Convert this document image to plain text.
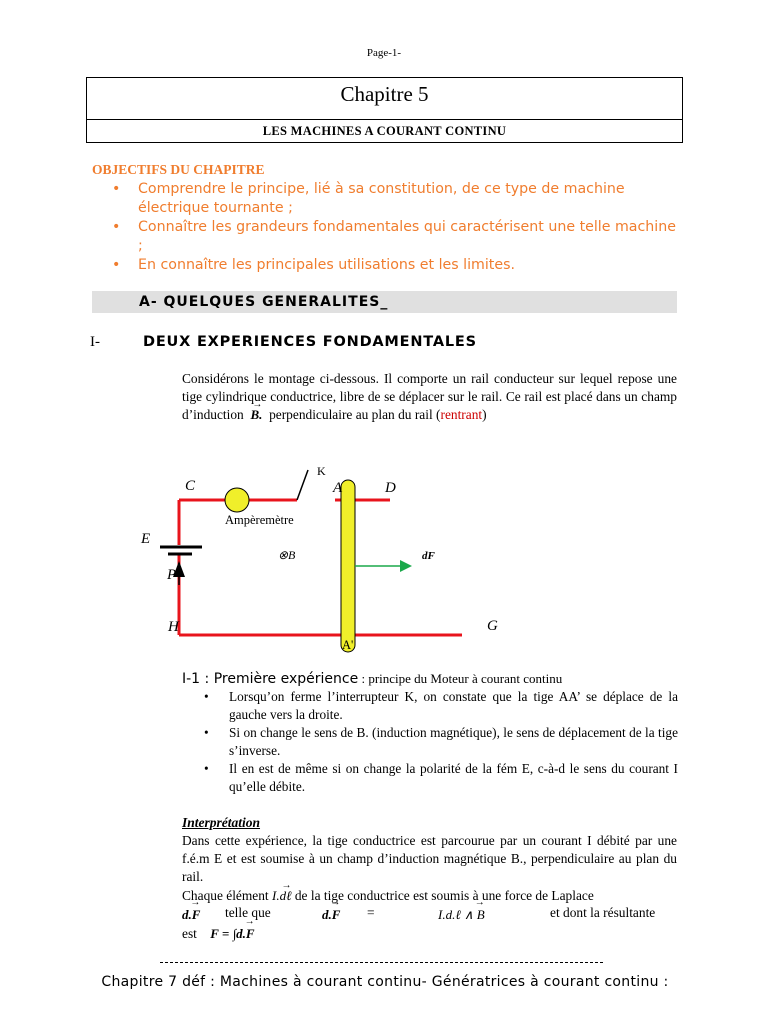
Page-1-
Chapitre 5
LES MACHINES A COURANT CONTINU
OBJECTIFS DU CHAPITRE
• Comprendre le principe, lié à sa constitution, de ce type de machine électrique tournante ;
• Connaître les grandeurs fondamentales qui caractérisent une telle machine ;
• En connaître les principales utilisations et les limites.
A- QUELQUES GENERALITES_
I-	DEUX EXPERIENCES FONDAMENTALES
Considérons le montage ci-dessous. Il comporte un rail conducteur sur lequel repose une tige cylindrique conductrice, libre de se déplacer sur le rail. Ce rail est placé dans un champ d’induction → B. perpendiculaire au plan du rail (rentrant)
C
K
A	D
Ampèremètre
E
P
⊗B	dF
H
A'
G
I-1 : Première expérience : principe du Moteur à courant continu
• Lorsqu’on ferme l’interrupteur K, on constate que la tige AA’ se déplace de la gauche vers la droite.
• Si on change le sens de B. (induction magnétique), le sens de déplacement de la tige s’inverse.
• Il en est de même si on change la polarité de la fém E, c-à-d le sens du courant I qu’elle débite.
Interprétation
Dans cette expérience, la tige conductrice est parcourue par un courant I débité par une f.é.m E et est soumise à un champ d’induction magnétique B., perpendiculaire au plan du rail.
Chaque élément → I.dℓ de la tige conductrice est soumis à une force de Laplace
→ d.F telle que	→ d.F =	→ I.d.ℓ ∧ B	et dont la résultante
est → F = ∫d.F
Chapitre 7 déf : Machines à courant continu- Génératrices à courant continu :
